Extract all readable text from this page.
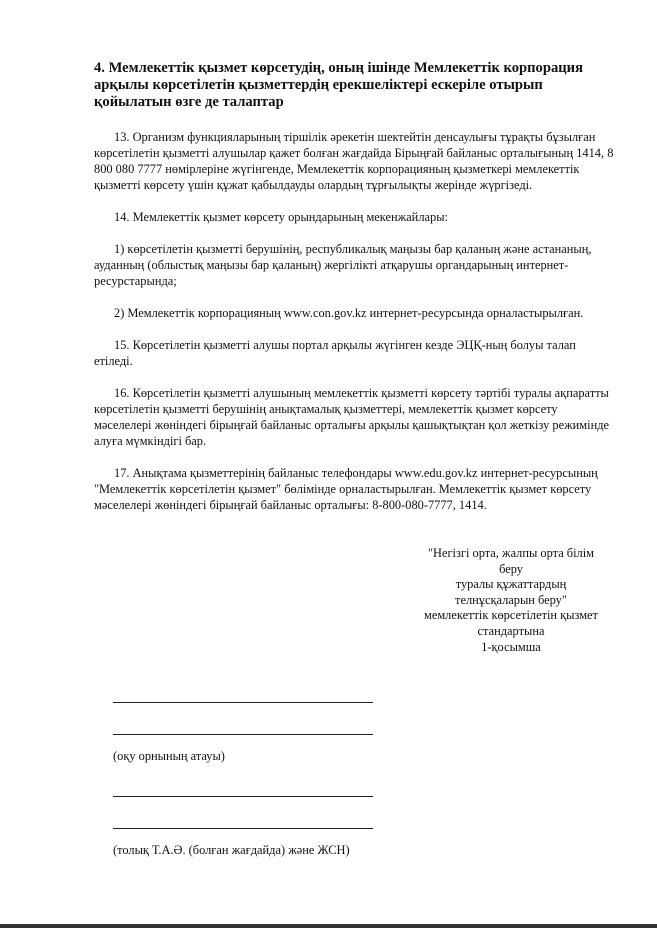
4. Мемлекеттік қызмет көрсетудің, оның ішінде Мемлекеттік корпорация арқылы көрсетілетін қызметтердің ерекшеліктері ескеріле отырып қойылатын өзге де талаптар

13. Организм функцияларының тіршілік әрекетін шектейтін денсаулығы тұрақты бұзылған көрсетілетін қызметті алушылар қажет болған жағдайда Бірыңғай байланыс орталығының 1414, 8 800 080 7777 нөмірлеріне жүгінгенде, Мемлекеттік корпорацияның қызметкері мемлекеттік қызметті көрсету үшін құжат қабылдауды олардың тұрғылықты жерінде жүргізеді.

14. Мемлекеттік қызмет көрсету орындарының мекенжайлары:

1) көрсетілетін қызметті берушінің, республикалық маңызы бар қаланың және астананың, ауданның (облыстық маңызы бар қаланың) жергілікті атқарушы органдарының интернет-ресурстарында;

2) Мемлекеттік корпорацияның www.con.gov.kz интернет-ресурсында орналастырылған.

15. Көрсетілетін қызметті алушы портал арқылы жүгінген кезде ЭЦҚ-ның болуы талап етіледі.

16. Көрсетілетін қызметті алушының мемлекеттік қызметті көрсету тәртібі туралы ақпаратты көрсетілетін қызметті берушінің анықтамалық қызметтері, мемлекеттік қызмет көрсету мәселелері жөніндегі бірыңғай байланыс орталығы арқылы қашықтықтан қол жеткізу режимінде алуға мүмкіндігі бар.

17. Анықтама қызметтерінің байланыс телефондары www.edu.gov.kz интернет-ресурсының "Мемлекеттік көрсетілетін қызмет" бөлімінде орналастырылған. Мемлекеттік қызмет көрсету мәселелері жөніндегі бірыңғай байланыс орталығы: 8-800-080-7777, 1414.

"Негізгі орта, жалпы орта білім
беру
туралы құжаттардың
телнұсқаларын беру"
мемлекеттік көрсетілетін қызмет
стандартына
1-қосымша
(оқу орнының атауы)
(толық Т.А.Ә. (болған жағдайда) және ЖСН)
